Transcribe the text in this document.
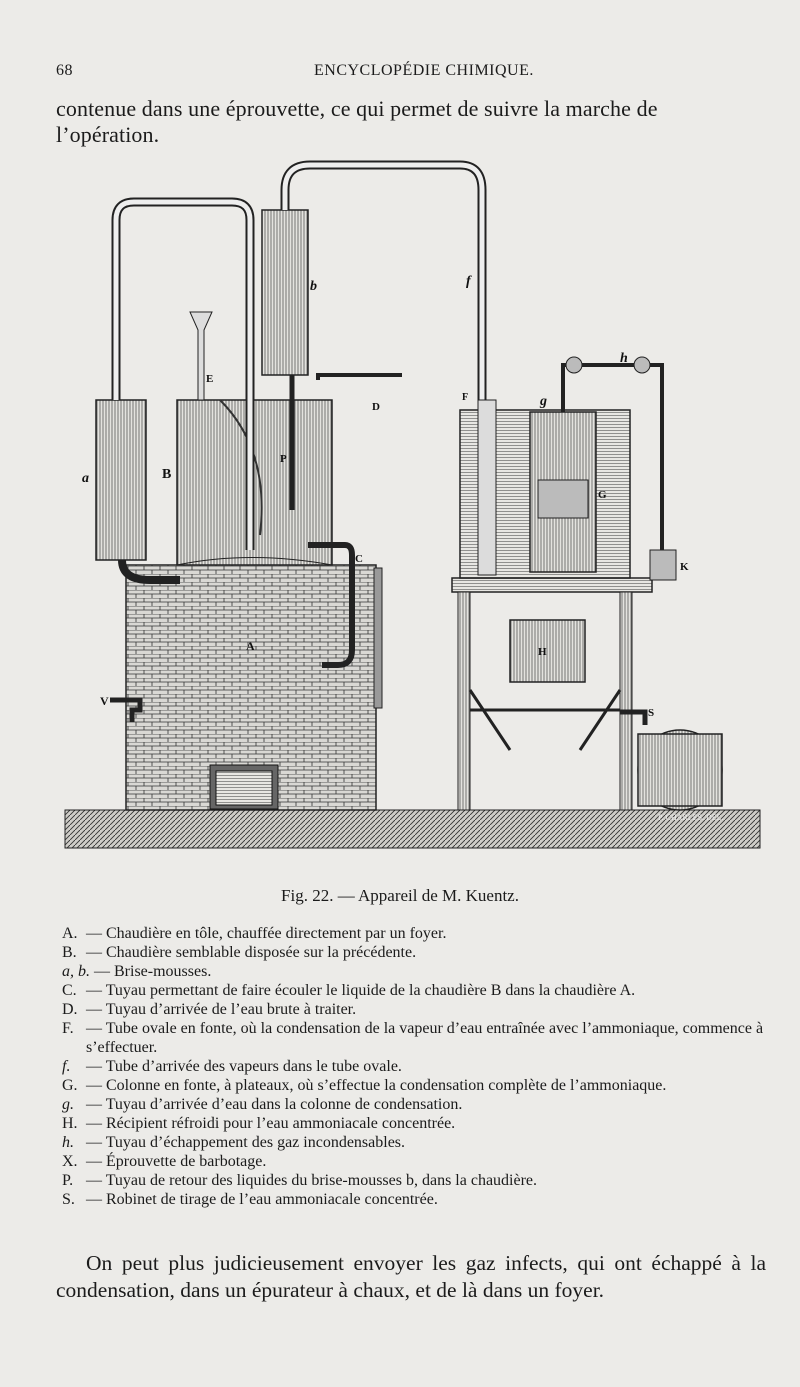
68	ENCYCLOPÉDIE CHIMIQUE.
contenue dans une éprouvette, ce qui permet de suivre la marche de l’opération.
a	B
E
b
P
f
D
C
A
V
F	g
h
G
K
H
S
P. CHARLES. DEL.
Fig. 22. — Appareil de M. Kuentz.
A. — Chaudière en tôle, chauffée directement par un foyer.
B. — Chaudière semblable disposée sur la précédente.
a, b. — Brise-mousses.
C. — Tuyau permettant de faire écouler le liquide de la chaudière B dans la chaudière A.
D. — Tuyau d’arrivée de l’eau brute à traiter.
F. — Tube ovale en fonte, où la condensation de la vapeur d’eau entraînée avec l’ammoniaque, commence à s’effectuer.
f. — Tube d’arrivée des vapeurs dans le tube ovale.
G. — Colonne en fonte, à plateaux, où s’effectue la condensation complète de l’ammoniaque.
g. — Tuyau d’arrivée d’eau dans la colonne de condensation.
H. — Récipient réfroidi pour l’eau ammoniacale concentrée.
h. — Tuyau d’échappement des gaz incondensables.
X. — Éprouvette de barbotage.
P. — Tuyau de retour des liquides du brise-mousses b, dans la chaudière.
S. — Robinet de tirage de l’eau ammoniacale concentrée.
On peut plus judicieusement envoyer les gaz infects, qui ont échappé à la condensation, dans un épurateur à chaux, et de là dans un foyer.
